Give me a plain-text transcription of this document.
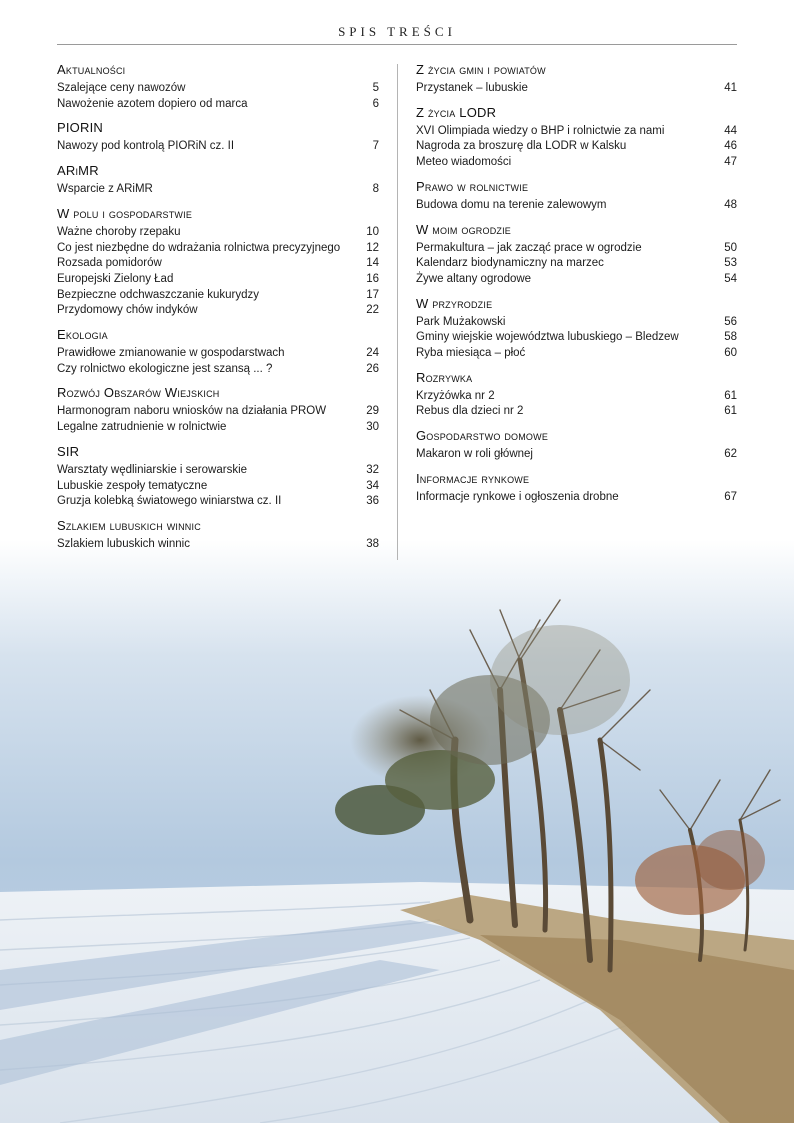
SPIS TREŚCI
Aktualności
Szalejące ceny nawozów	5
Nawożenie azotem dopiero od marca	6
PIORIN
Nawozy pod kontrolą PIORiN cz. II	7
ARiMR
Wsparcie z ARiMR	8
W polu i gospodarstwie
Ważne choroby rzepaku	10
Co jest niezbędne do wdrażania rolnictwa precyzyjnego	12
Rozsada pomidorów	14
Europejski Zielony Ład	16
Bezpieczne odchwaszczanie kukurydzy	17
Przydomowy chów indyków	22
Ekologia
Prawidłowe zmianowanie w gospodarstwach	24
Czy rolnictwo ekologiczne jest szansą ... ?	26
Rozwój Obszarów Wiejskich
Harmonogram naboru wniosków na działania PROW	29
Legalne zatrudnienie w rolnictwie	30
SIR
Warsztaty wędliniarskie i serowarskie	32
Lubuskie zespoły tematyczne	34
Gruzja kolebką światowego winiarstwa cz. II	36
Szlakiem lubuskich winnic
Szlakiem lubuskich winnic	38
Z życia gmin i powiatów
Przystanek – lubuskie	41
Z życia LODR
XVI Olimpiada wiedzy o BHP i rolnictwie za nami	44
Nagroda za broszurę dla LODR w Kalsku	46
Meteo wiadomości	47
Prawo w rolnictwie
Budowa domu na terenie zalewowym	48
W moim ogrodzie
Permakultura – jak zacząć prace w ogrodzie	50
Kalendarz biodynamiczny na marzec	53
Żywe altany ogrodowe	54
W przyrodzie
Park Mużakowski	56
Gminy wiejskie województwa lubuskiego – Bledzew	58
Ryba miesiąca – płoć	60
Rozrywka
Krzyżówka nr 2	61
Rebus dla dzieci nr 2	61
Gospodarstwo domowe
Makaron w roli głównej	62
Informacje rynkowe
Informacje rynkowe i ogłoszenia drobne	67
